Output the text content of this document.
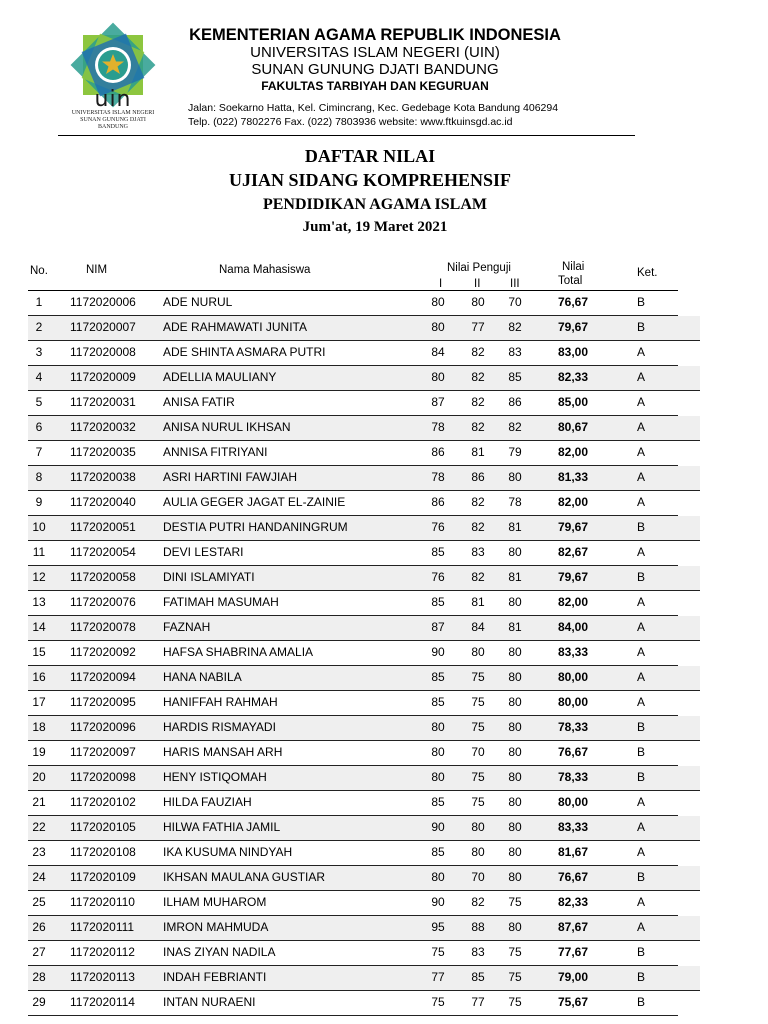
uin
UNIVERSITAS ISLAM NEGERI
SUNAN GUNUNG DJATI
BANDUNG
KEMENTERIAN AGAMA REPUBLIK INDONESIA
UNIVERSITAS ISLAM NEGERI (UIN)
SUNAN GUNUNG DJATI BANDUNG
FAKULTAS TARBIYAH DAN KEGURUAN
Jalan: Soekarno Hatta, Kel. Cimincrang, Kec. Gedebage Kota Bandung 406294
Telp. (022) 7802276 Fax. (022) 7803936 website: www.ftkuinsgd.ac.id
DAFTAR NILAI
UJIAN SIDANG KOMPREHENSIF
PENDIDIKAN AGAMA ISLAM
Jum'at, 19 Maret 2021
No.	NIM	Nama Mahasiswa	Nilai Penguji
I	II	III
Nilai
Total
Ket.
1	1172020006 ADE NURUL	80	80	70	76,67	B
2	1172020007 ADE RAHMAWATI JUNITA	80	77	82	79,67	B
3	1172020008 ADE SHINTA ASMARA PUTRI	84	82	83	83,00	A
4	1172020009 ADELLIA MAULIANY	80	82	85	82,33	A
5	1172020031 ANISA FATIR	87	82	86	85,00	A
6	1172020032 ANISA NURUL IKHSAN	78	82	82	80,67	A
7	1172020035 ANNISA FITRIYANI	86	81	79	82,00	A
8	1172020038 ASRI HARTINI FAWJIAH	78	86	80	81,33	A
9	1172020040 AULIA GEGER JAGAT EL-ZAINIE	86	82	78	82,00	A
10	1172020051 DESTIA PUTRI HANDANINGRUM	76	82	81	79,67	B
11	1172020054 DEVI LESTARI	85	83	80	82,67	A
12	1172020058 DINI ISLAMIYATI	76	82	81	79,67	B
13	1172020076 FATIMAH MASUMAH	85	81	80	82,00	A
14	1172020078 FAZNAH	87	84	81	84,00	A
15	1172020092 HAFSA SHABRINA AMALIA	90	80	80	83,33	A
16	1172020094 HANA NABILA	85	75	80	80,00	A
17	1172020095 HANIFFAH RAHMAH	85	75	80	80,00	A
18	1172020096 HARDIS RISMAYADI	80	75	80	78,33	B
19	1172020097 HARIS MANSAH ARH	80	70	80	76,67	B
20	1172020098 HENY ISTIQOMAH	80	75	80	78,33	B
21	1172020102 HILDA FAUZIAH	85	75	80	80,00	A
22	1172020105 HILWA FATHIA JAMIL	90	80	80	83,33	A
23	1172020108 IKA KUSUMA NINDYAH	85	80	80	81,67	A
24	1172020109 IKHSAN MAULANA GUSTIAR	80	70	80	76,67	B
25	1172020110 ILHAM MUHAROM	90	82	75	82,33	A
26	1172020111 IMRON MAHMUDA	95	88	80	87,67	A
27	1172020112 INAS ZIYAN NADILA	75	83	75	77,67	B
28	1172020113 INDAH FEBRIANTI	77	85	75	79,00	B
29	1172020114 INTAN NURAENI	75	77	75	75,67	B
